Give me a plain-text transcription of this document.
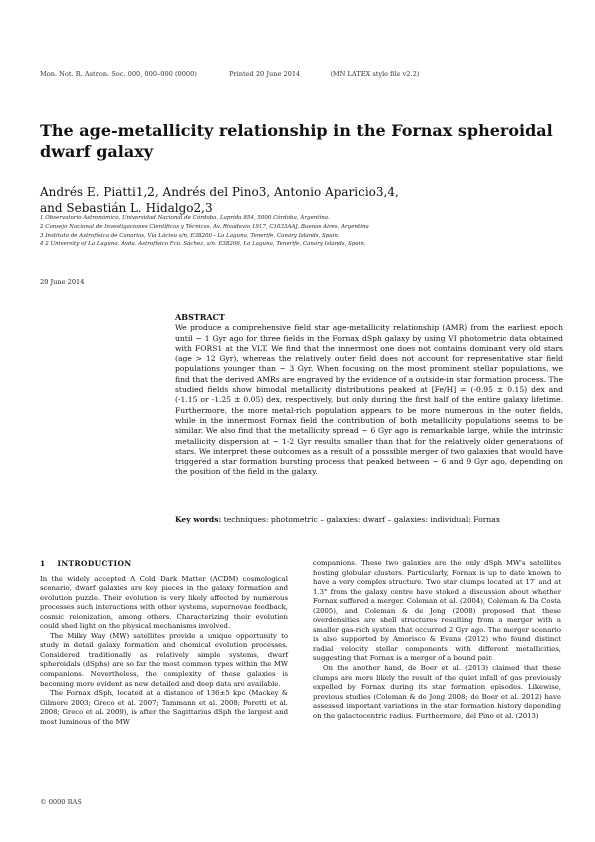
Mon. Not. R. Astron. Soc. 000, 000–000 (0000)	Printed 20 June 2014	(MN LATEX style file v2.2)
The age-metallicity relationship in the Fornax spheroidal dwarf galaxy
Andrés E. Piatti1,2, Andrés del Pino3, Antonio Aparicio3,4,
and Sebastián L. Hidalgo2,3
1 Observatorio Astronómico, Universidad Nacional de Córdoba, Laprida 854, 5000 Córdoba, Argentina.
2 Consejo Nacional de Investigaciones Científicas y Técnicas, Av. Rivadavia 1917, C1033AAJ, Buenos Aires, Argentina
3 Instituto de Astrofísica de Canarias, Vía Láctea s/n, E38200 - La Laguna, Tenerife, Canary Islands, Spain.
4 2 University of La Laguna. Avda. Astrofísico Fco. Sáchez, s/n. E38206, La Laguna, Tenerife, Canary Islands, Spain.
20 June 2014
ABSTRACT

We produce a comprehensive field star age-metallicity relationship (AMR) from the earliest epoch until ∼ 1 Gyr ago for three fields in the Fornax dSph galaxy by using VI photometric data obtained with FORS1 at the VLT. We find that the innermost one does not contains dominant very old stars (age > 12 Gyr), whereas the relatively outer field does not account for representative star field populations younger than ∼ 3 Gyr. When focusing on the most prominent stellar populations, we find that the derived AMRs are engraved by the evidence of a outside-in star formation process. The studied fields show bimodal metallicity distributions peaked at [Fe/H] = (-0.95 ± 0.15) dex and (-1.15 or -1.25 ± 0.05) dex, respectively, but only during the first half of the entire galaxy lifetime. Furthermore, the more metal-rich population appears to be more numerous in the outer fields, while in the innermost Fornax field the contribution of both metallicity populations seems to be similar. We also find that the metallicity spread ∼ 6 Gyr ago is remarkable large, while the intrinsic metallicity dispersion at ∼ 1-2 Gyr results smaller than that for the relatively older generations of stars. We interpret these outcomes as a result of a posssible merger of two galaxies that would have triggered a star formation bursting process that peaked between ∼ 6 and 9 Gyr ago, depending on the position of the field in the galaxy.

Key words: techniques: photometric – galaxies: dwarf – galaxies: individual: Fornax
1 INTRODUCTION

In the widely accepted Λ Cold Dark Matter (ΛCDM) cosmological scenario, dwarf galaxies are key pieces in the galaxy formation and evolution puzzle. Their evolution is very likely affected by numerous processes such interactions with other systems, supernovae feedback, cosmic reionization, among others. Characterizing their evolution could shed light on the physical mechanisms involved.

The Milky Way (MW) satellites provide a unique opportunity to study in detail galaxy formation and chemical evolution processes. Considered traditionally as relatively simple systems, dwarf spheroidals (dSphs) are so far the most common types within the MW companions. Nevertheless, the complexity of these galaxies is becoming more evident as new detailed and deep data are available.

The Fornax dSph, located at a distance of 136±5 kpc (Mackey & Gilmore 2003; Greco et al. 2007; Tammann et al. 2008; Poretti et al. 2008; Greco et al. 2009), is after the Sagittarius dSph the largest and most luminous of the MW

companions. These two galaxies are the only dSph MW's satellites hosting globular clusters. Particularly, Fornax is up to date known to have a very complex structure. Two star clumps located at 17′ and at 1.3° from the galaxy centre have stoked a discussion about whether Fornax suffered a merger. Coleman et al. (2004), Coleman & Da Costa (2005), and Coleman & de Jong (2008) proposed that these overdensities are shell structures resulting from a merger with a smaller gas-rich system that occurred 2 Gyr ago. The merger scenario is also supported by Amorisco & Evans (2012) who found distinct radial velocity stellar components with different metallicities, suggesting that Fornax is a merger of a bound pair.

On the another hand, de Boer et al. (2013) claimed that these clumps are more likely the result of the quiet infall of gas previously expelled by Fornax during its star formation episodes. Likewise, previous studies (Coleman & de Jong 2008; de Boer et al. 2012) have assessed important variations in the star formation history depending on the galactocentric radius. Furthermore, del Pino et al. (2013)

© 0000 RAS
